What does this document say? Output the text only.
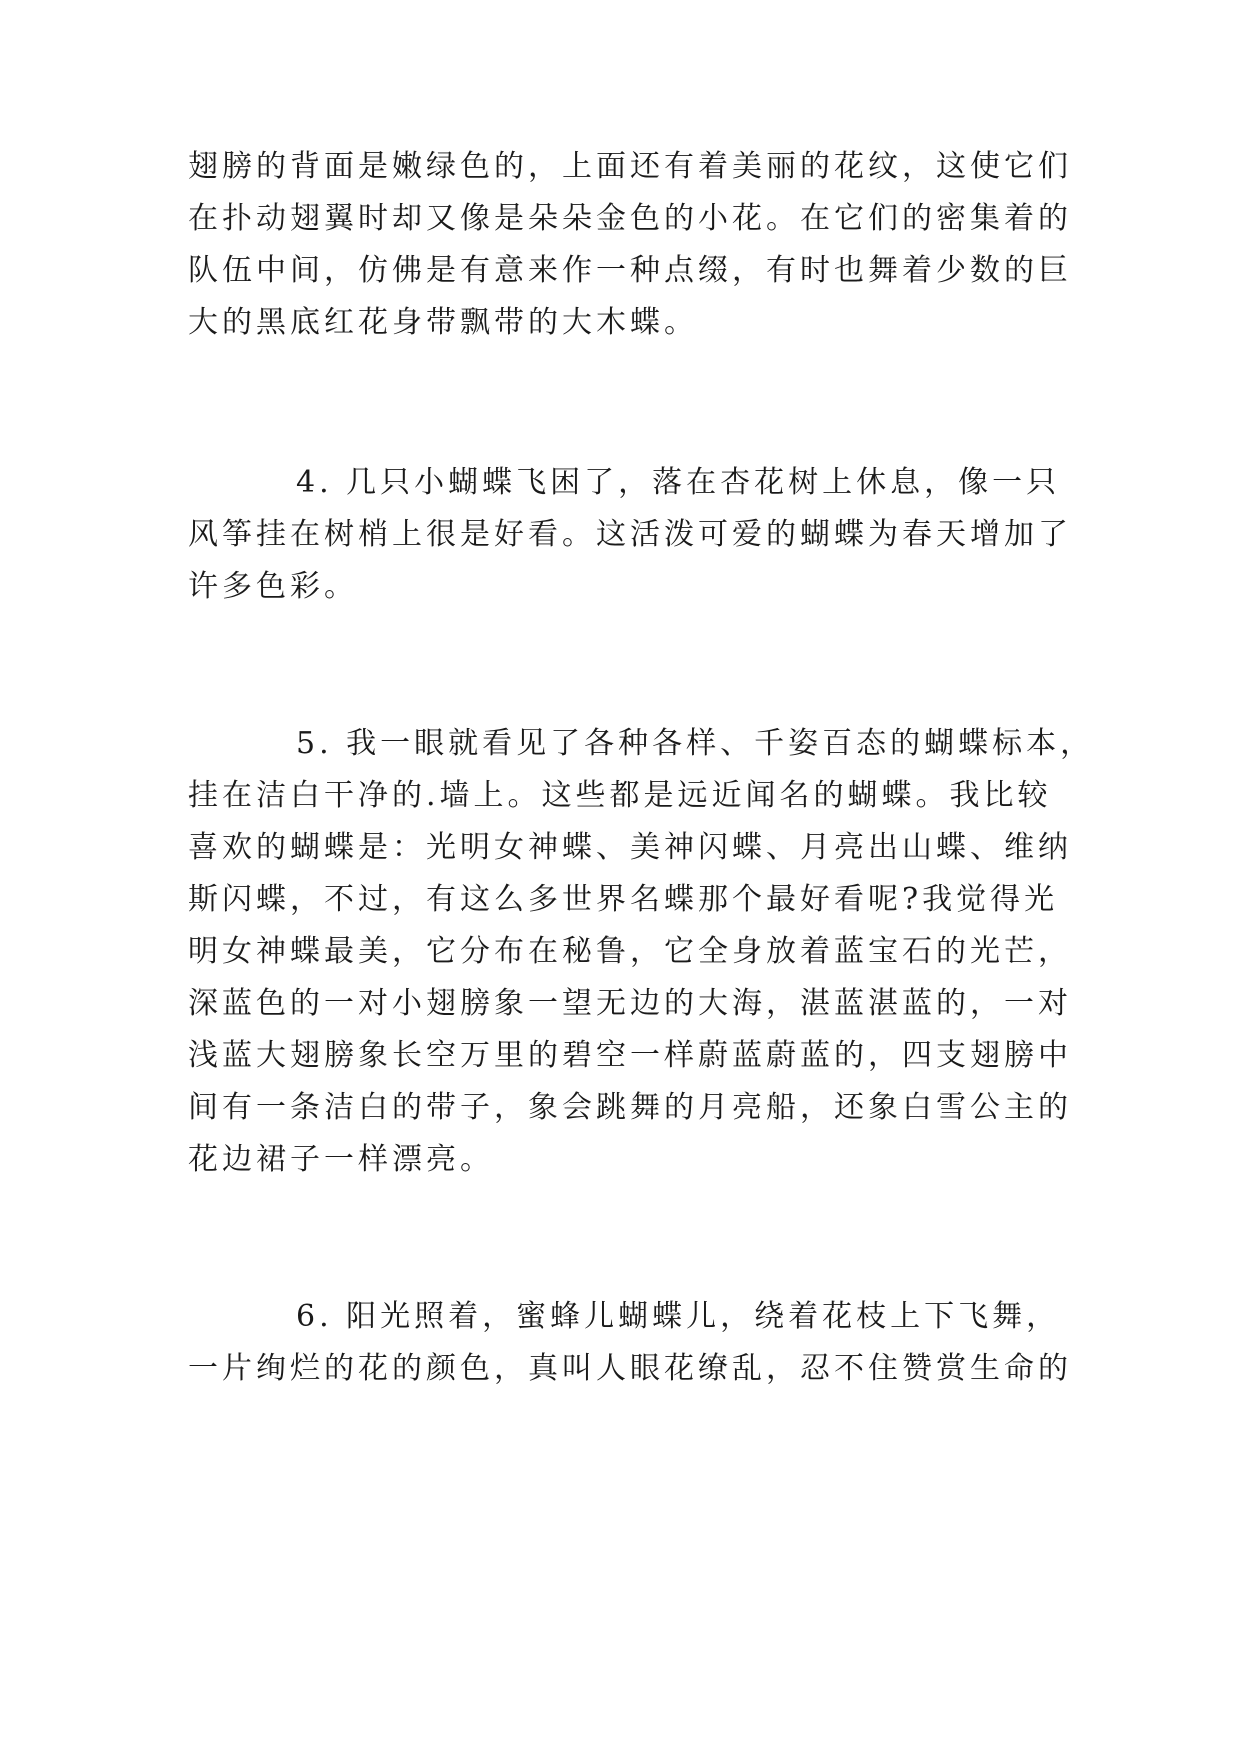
翅膀的背面是嫩绿色的，上面还有着美丽的花纹，这使它们
在扑动翅翼时却又像是朵朵金色的小花。在它们的密集着的
队伍中间，仿佛是有意来作一种点缀，有时也舞着少数的巨
大的黑底红花身带飘带的大木蝶。
4. 几只小蝴蝶飞困了，落在杏花树上休息，像一只
风筝挂在树梢上很是好看。这活泼可爱的蝴蝶为春天增加了
许多色彩。
5. 我一眼就看见了各种各样、千姿百态的蝴蝶标本，
挂在洁白干净的.墙上。这些都是远近闻名的蝴蝶。我比较
喜欢的蝴蝶是：光明女神蝶、美神闪蝶、月亮出山蝶、维纳
斯闪蝶，不过，有这么多世界名蝶那个最好看呢?我觉得光
明女神蝶最美，它分布在秘鲁，它全身放着蓝宝石的光芒，
深蓝色的一对小翅膀象一望无边的大海，湛蓝湛蓝的，一对
浅蓝大翅膀象长空万里的碧空一样蔚蓝蔚蓝的，四支翅膀中
间有一条洁白的带子，象会跳舞的月亮船，还象白雪公主的
花边裙子一样漂亮。
6. 阳光照着，蜜蜂儿蝴蝶儿，绕着花枝上下飞舞，
一片绚烂的花的颜色，真叫人眼花缭乱，忍不住赞赏生命的
